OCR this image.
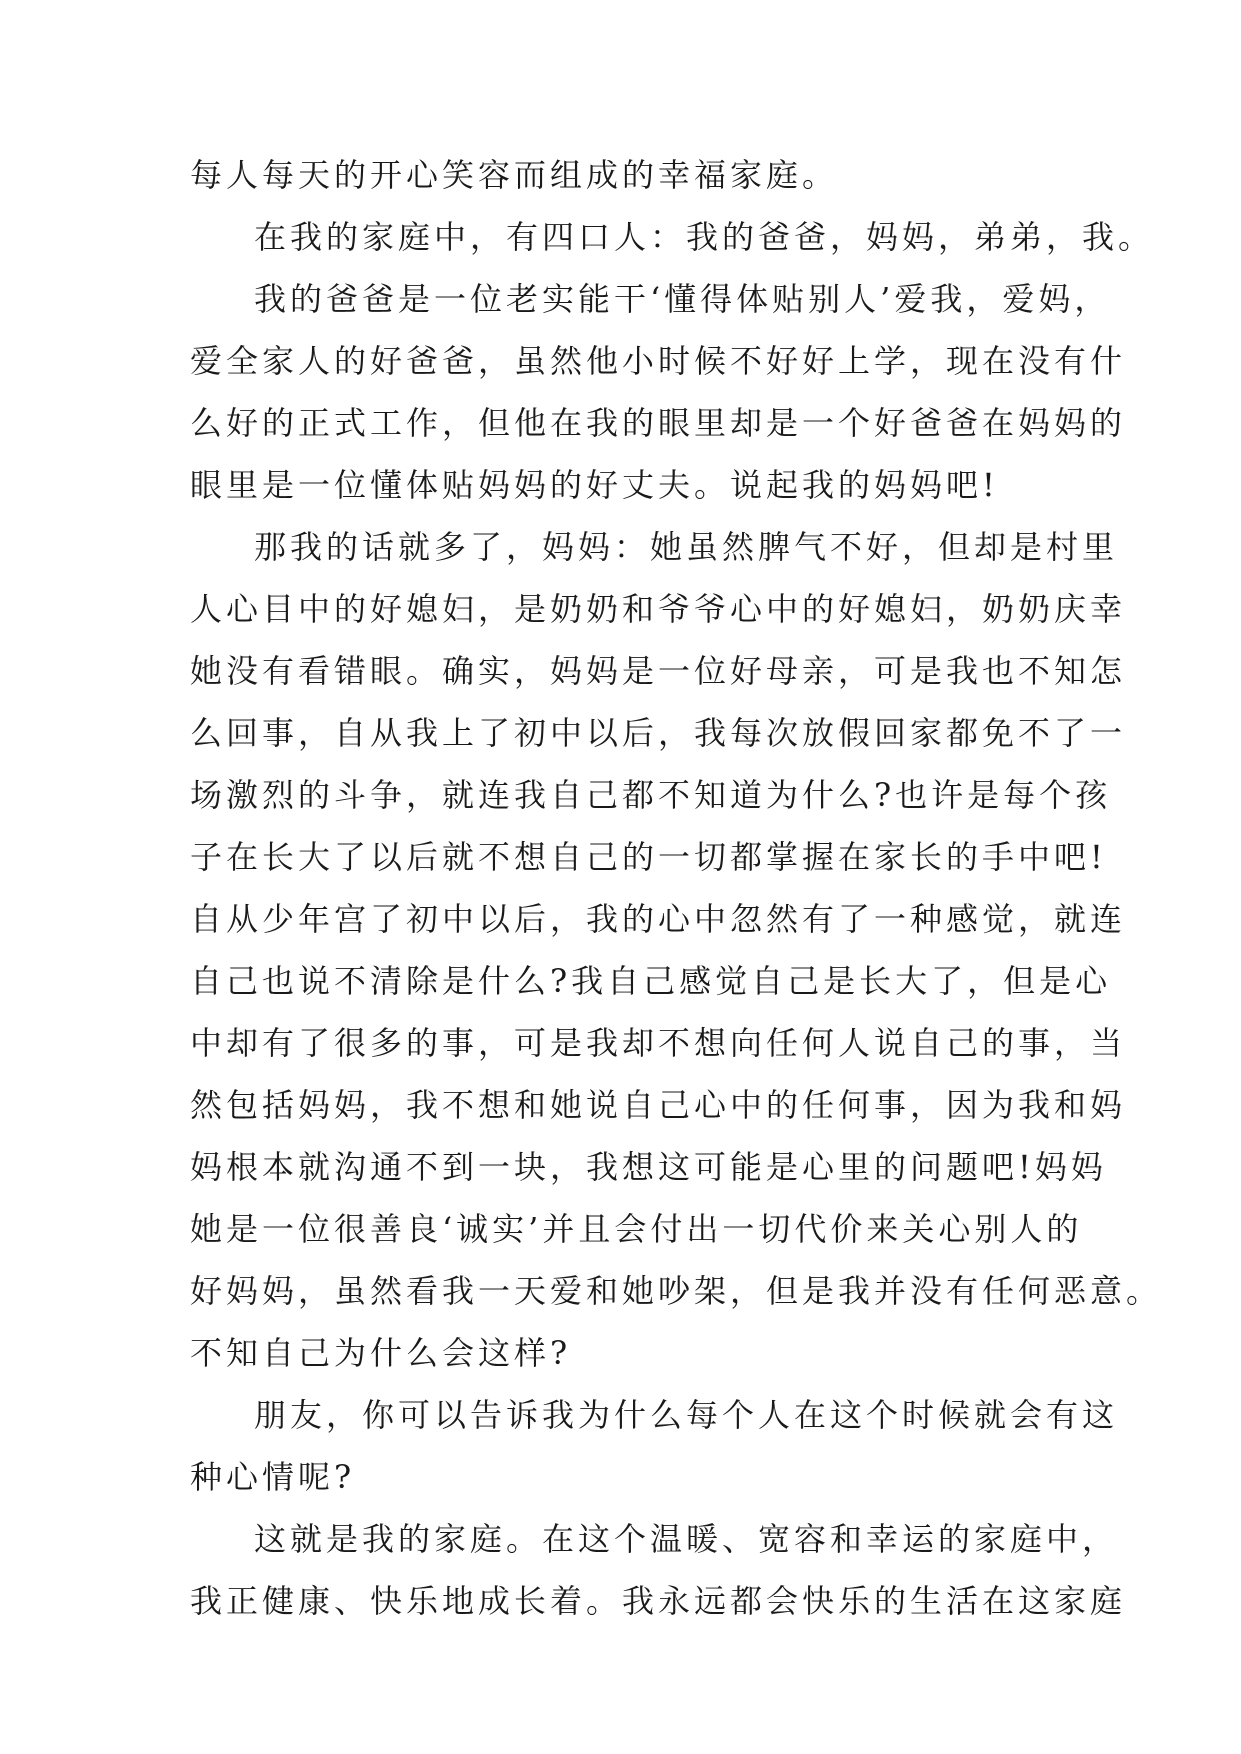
每人每天的开心笑容而组成的幸福家庭。
在我的家庭中，有四口人：我的爸爸，妈妈，弟弟，我。
我的爸爸是一位老实能干‘懂得体贴别人’爱我，爱妈，
爱全家人的好爸爸，虽然他小时候不好好上学，现在没有什
么好的正式工作，但他在我的眼里却是一个好爸爸在妈妈的
眼里是一位懂体贴妈妈的好丈夫。说起我的妈妈吧!
那我的话就多了，妈妈：她虽然脾气不好，但却是村里
人心目中的好媳妇，是奶奶和爷爷心中的好媳妇，奶奶庆幸
她没有看错眼。确实，妈妈是一位好母亲，可是我也不知怎
么回事，自从我上了初中以后，我每次放假回家都免不了一
场激烈的斗争，就连我自己都不知道为什么?也许是每个孩
子在长大了以后就不想自己的一切都掌握在家长的手中吧!
自从少年宫了初中以后，我的心中忽然有了一种感觉，就连
自己也说不清除是什么?我自己感觉自己是长大了，但是心
中却有了很多的事，可是我却不想向任何人说自己的事，当
然包括妈妈，我不想和她说自己心中的任何事，因为我和妈
妈根本就沟通不到一块，我想这可能是心里的问题吧!妈妈
她是一位很善良‘诚实’并且会付出一切代价来关心别人的
好妈妈，虽然看我一天爱和她吵架，但是我并没有任何恶意。
不知自己为什么会这样?
朋友，你可以告诉我为什么每个人在这个时候就会有这
种心情呢?
这就是我的家庭。在这个温暖、宽容和幸运的家庭中，
我正健康、快乐地成长着。我永远都会快乐的生活在这家庭
